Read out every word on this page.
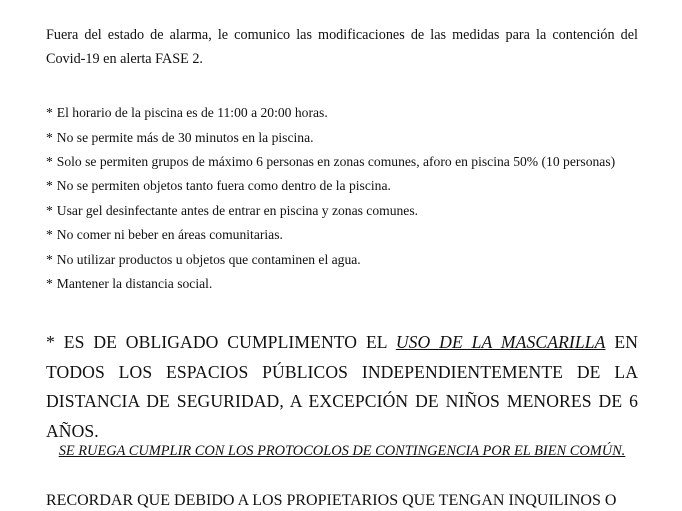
Fuera del estado de alarma, le comunico las modificaciones de las medidas para la contención del Covid-19 en alerta FASE 2.

* El horario de la piscina es de 11:00 a 20:00 horas.
* No se permite más de 30 minutos en la piscina.
* Solo se permiten grupos de máximo 6 personas en zonas comunes, aforo en piscina 50% (10 personas)
* No se permiten objetos tanto fuera como dentro de la piscina.
* Usar gel desinfectante antes de entrar en piscina y zonas comunes.
* No comer ni beber en áreas comunitarias.
* No utilizar productos u objetos que contaminen el agua.
* Mantener la distancia social.

* ES DE OBLIGADO CUMPLIMENTO EL USO DE LA MASCARILLA EN TODOS LOS ESPACIOS PÚBLICOS INDEPENDIENTEMENTE DE LA DISTANCIA DE SEGURIDAD, A EXCEPCIÓN DE NIÑOS MENORES DE 6 AÑOS.

SE RUEGA CUMPLIR CON LOS PROTOCOLOS DE CONTINGENCIA POR EL BIEN COMÚN.
RECORDAR QUE DEBIDO A LOS PROPIETARIOS QUE TENGAN INQUILINOS O
